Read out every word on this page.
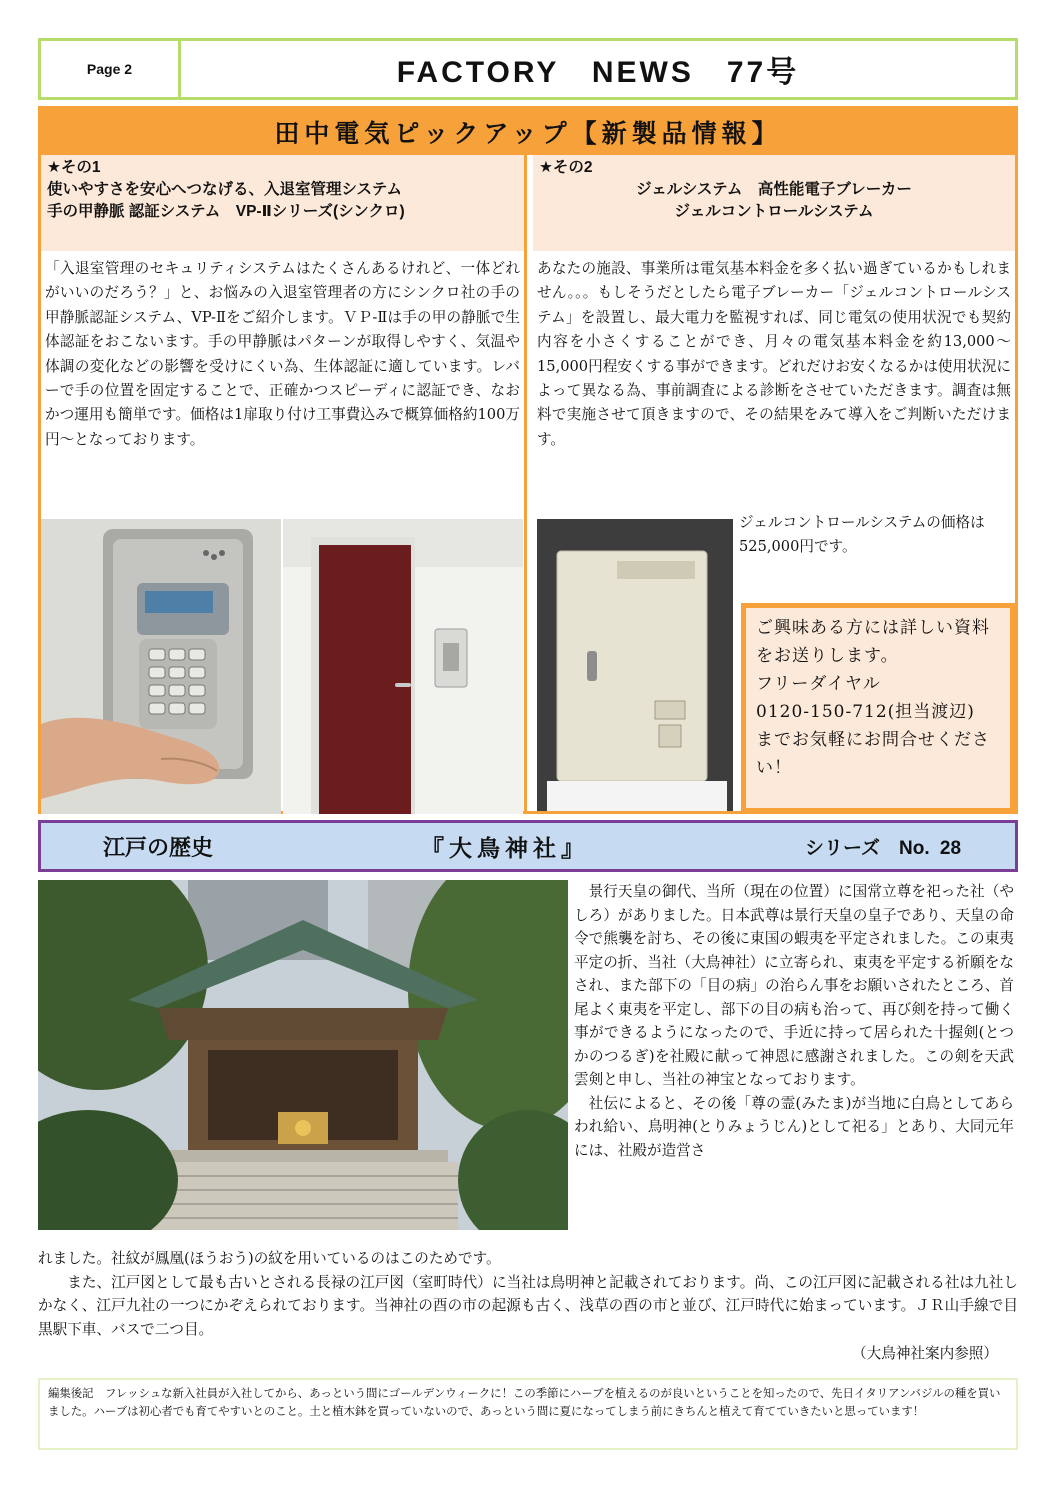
Page 2	FACTORY　NEWS　77号
田中電気ピックアップ【新製品情報】
★その1
使いやすさを安心へつなげる、入退室管理システム
手の甲静脈 認証システム　VP-Ⅱシリーズ(シンクロ)
「入退室管理のセキュリティシステムはたくさんあるけれど、一体どれがいいのだろう？」と、お悩みの入退室管理者の方にシンクロ社の手の甲静脈認証システム、VP-Ⅱをご紹介します。ＶＰ-Ⅱは手の甲の静脈で生体認証をおこないます。手の甲静脈はパターンが取得しやすく、気温や体調の変化などの影響を受けにくい為、生体認証に適しています。レバーで手の位置を固定することで、正確かつスピーディに認証でき、なおかつ運用も簡単です。価格は1扉取り付け工事費込みで概算価格約100万円～となっております。
★その2
ジェルシステム　高性能電子ブレーカー
ジェルコントロールシステム
あなたの施設、事業所は電気基本料金を多く払い過ぎているかもしれません。。。もしそうだとしたら電子ブレーカー「ジェルコントロールシステム」を設置し、最大電力を監視すれば、同じ電気の使用状況でも契約内容を小さくすることができ、月々の電気基本料金を約13,000～15,000円程安くする事ができます。どれだけお安くなるかは使用状況によって異なる為、事前調査による診断をさせていただきます。調査は無料で実施させて頂きますので、その結果をみて導入をご判断いただけます。
ジェルコントロールシステムの価格は525,000円です。
ご興味ある方には詳しい資料をお送りします。
フリーダイヤル
0120-150-712(担当渡辺)
までお気軽にお問合せください！
江戸の歴史	『大鳥神社』	シリーズ　No. 28

景行天皇の御代、当所（現在の位置）に国常立尊を祀った社（やしろ）がありました。日本武尊は景行天皇の皇子であり、天皇の命令で熊襲を討ち、その後に東国の蝦夷を平定されました。この東夷平定の折、当社（大鳥神社）に立寄られ、東夷を平定する祈願をなされ、また部下の「目の病」の治らん事をお願いされたところ、首尾よく東夷を平定し、部下の目の病も治って、再び剣を持って働く事ができるようになったので、手近に持って居られた十握剣(とつかのつるぎ)を社殿に献って神恩に感謝されました。この剣を天武雲剣と申し、当社の神宝となっております。

社伝によると、その後「尊の霊(みたま)が当地に白鳥としてあらわれ給い、鳥明神(とりみょうじん)として祀る」とあり、大同元年には、社殿が造営さ

れました。社紋が鳳凰(ほうおう)の紋を用いているのはこのためです。

また、江戸図として最も古いとされる長禄の江戸図（室町時代）に当社は鳥明神と記載されております。尚、この江戸図に記載される社は九社しかなく、江戸九社の一つにかぞえられております。当神社の酉の市の起源も古く、浅草の酉の市と並び、江戸時代に始まっています。ＪＲ山手線で目黒駅下車、バスで二つ目。

（大鳥神社案内参照）
編集後記　フレッシュな新入社員が入社してから、あっという間にゴールデンウィークに！この季節にハーブを植えるのが良いということを知ったので、先日イタリアンバジルの種を買いました。ハーブは初心者でも育てやすいとのこと。土と植木鉢を買っていないので、あっという間に夏になってしまう前にきちんと植えて育てていきたいと思っています！
